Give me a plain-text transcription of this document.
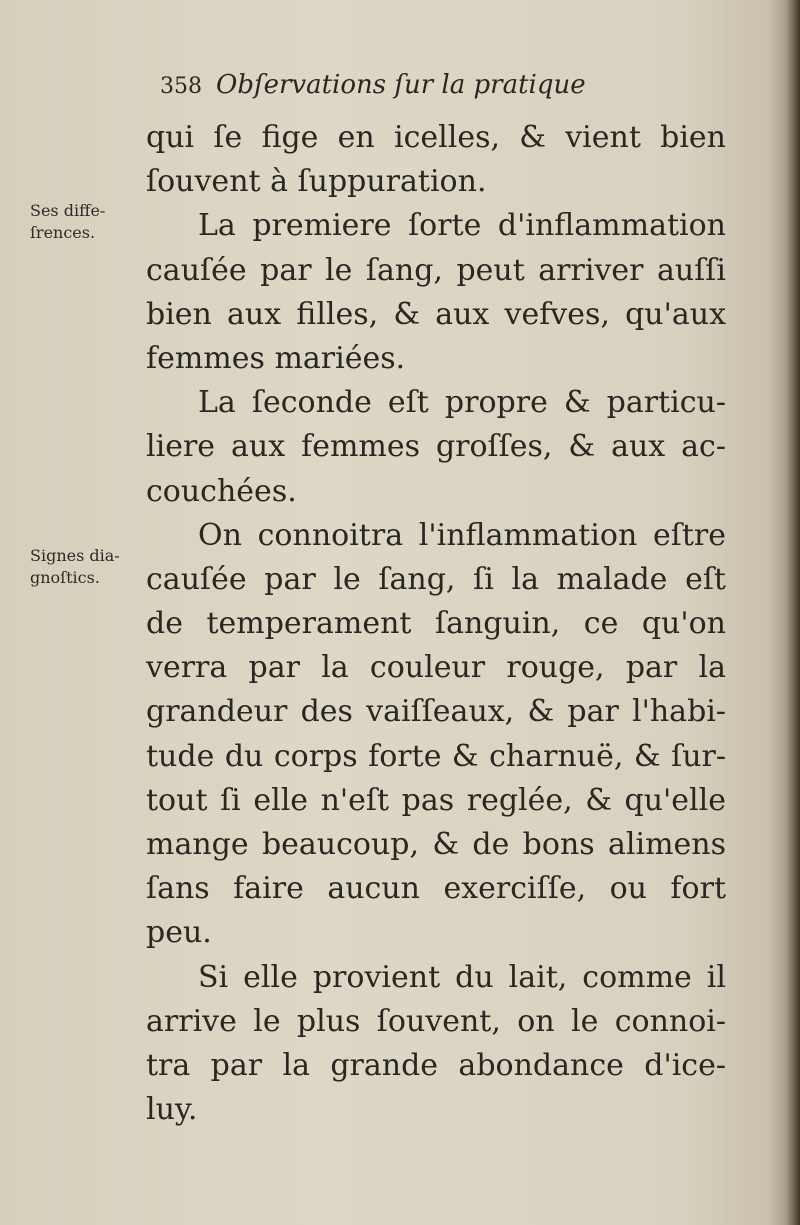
358 Obſervations ſur la pratique
Ses diffe-
ſrences.
Signes dia-
gnoſtics.
qui ſe fige en icelles, & vient bien
ſouvent à ſuppuration.
La premiere ſorte d'inflammation
cauſée par le ſang, peut arriver auſſi
bien aux filles, & aux vefves, qu'aux
femmes mariées.
La ſeconde eſt propre & particu-
liere aux femmes groſſes, & aux ac-
couchées.
On connoitra l'inflammation eſtre
cauſée par le ſang, ſi la malade eſt
de temperament ſanguin, ce qu'on
verra par la couleur rouge, par la
grandeur des vaiſſeaux, & par l'habi-
tude du corps forte & charnuë, & ſur-
tout ſi elle n'eſt pas reglée, & qu'elle
mange beaucoup, & de bons alimens
ſans faire aucun exerciſſe, ou fort
peu.
Si elle provient du lait, comme il
arrive le plus ſouvent, on le connoi-
tra par la grande abondance d'ice-
luy.
